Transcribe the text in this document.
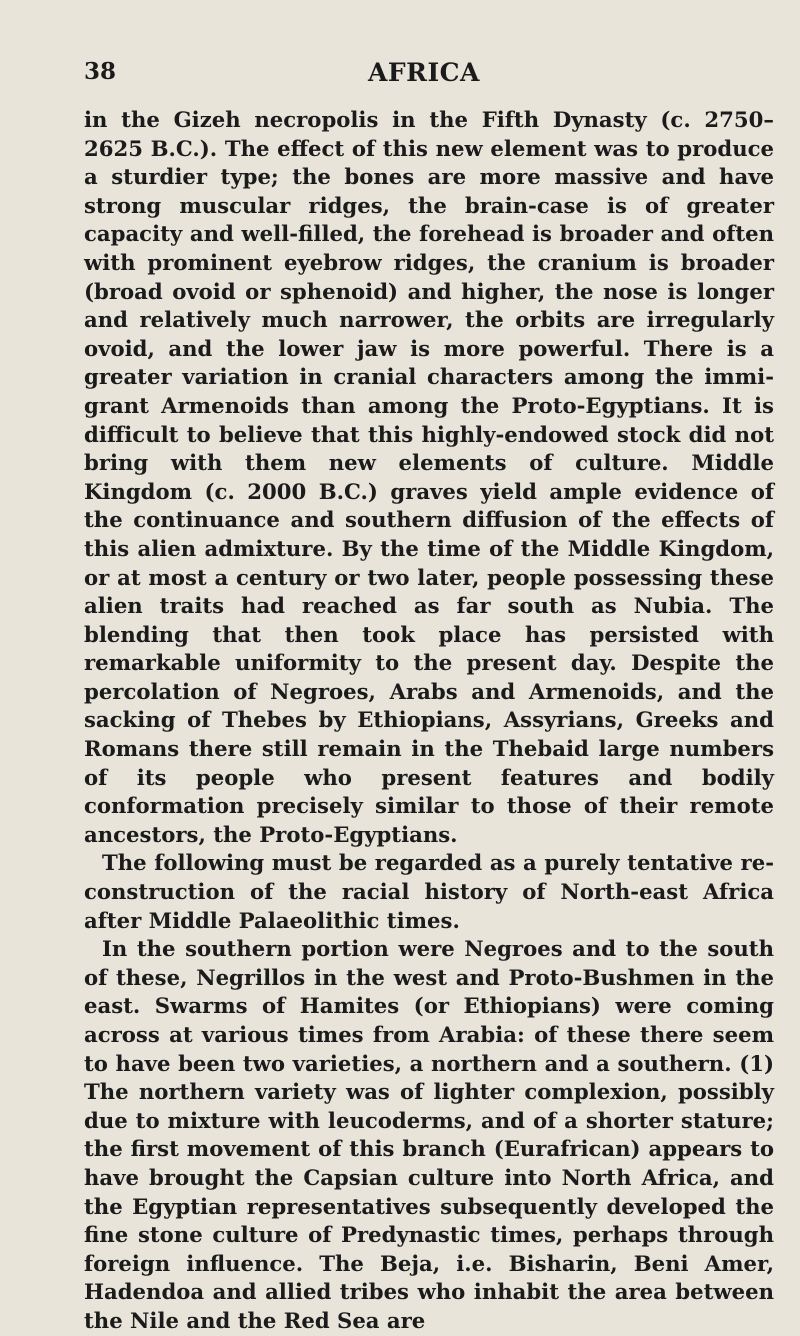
38	AFRICA

in the Gizeh necropolis in the Fifth Dynasty (c. 2750–2625 B.C.). The effect of this new element was to produce a sturdier type; the bones are more massive and have strong muscular ridges, the brain-case is of greater capacity and well-filled, the forehead is broader and often with prominent eyebrow ridges, the cranium is broader (broad ovoid or sphenoid) and higher, the nose is longer and relatively much narrower, the orbits are irregularly ovoid, and the lower jaw is more powerful. There is a greater variation in cranial characters among the immigrant Armenoids than among the Proto-Egyptians. It is difficult to believe that this highly-endowed stock did not bring with them new elements of culture. Middle Kingdom (c. 2000 B.C.) graves yield ample evidence of the continuance and southern diffusion of the effects of this alien admixture. By the time of the Middle Kingdom, or at most a century or two later, people possessing these alien traits had reached as far south as Nubia. The blending that then took place has persisted with remarkable uniformity to the present day. Despite the percolation of Negroes, Arabs and Armenoids, and the sacking of Thebes by Ethiopians, Assyrians, Greeks and Romans there still remain in the Thebaid large numbers of its people who present features and bodily conformation precisely similar to those of their remote ancestors, the Proto-Egyptians.

The following must be regarded as a purely tentative reconstruction of the racial history of North-east Africa after Middle Palaeolithic times.

In the southern portion were Negroes and to the south of these, Negrillos in the west and Proto-Bushmen in the east. Swarms of Hamites (or Ethiopians) were coming across at various times from Arabia: of these there seem to have been two varieties, a northern and a southern. (1) The northern variety was of lighter complexion, possibly due to mixture with leucoderms, and of a shorter stature; the first movement of this branch (Eurafrican) appears to have brought the Capsian culture into North Africa, and the Egyptian representatives subsequently developed the fine stone culture of Predynastic times, perhaps through foreign influence. The Beja, i.e. Bisharin, Beni Amer, Hadendoa and allied tribes who inhabit the area between the Nile and the Red Sea are
